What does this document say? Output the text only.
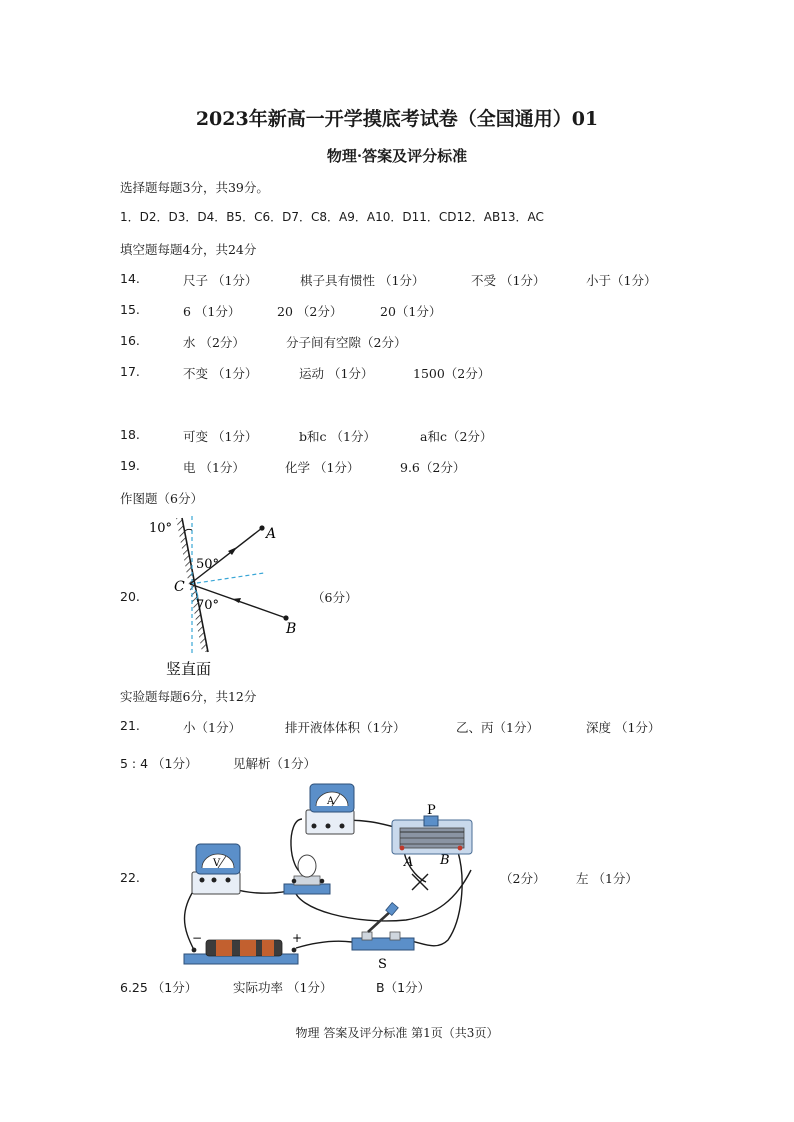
2023年新高一开学摸底考试卷（全国通用）01
物理·答案及评分标准
选择题每题3分，共39分。
1．D2．D3．D4．B5．C6．D7．C8．A9．A10．D11．CD12．AB13．AC
填空题每题4分，共24分
14.	尺子 （1分）	棋子具有惯性 （1分）	不受 （1分）	小于（1分）
15.	6 （1分）	20 （2分）	20（1分）
16.	水 （2分）	分子间有空隙（2分）
17.	不变 （1分）	运动 （1分）	1500（2分）
18.	可变 （1分）	b和c （1分）	a和c（2分）
19.	电 （1分）	化学 （1分）	9.6（2分）
作图题（6分）
20.	（6分）
10°
50°
70°
A
B
C
竖直面
实验题每题6分，共12分
21.	小（1分）	排开液体体积（1分）	乙、丙（1分）	深度 （1分）
5 : 4 （1分）	见解析（1分）
22.	（2分） 左 （1分）
A
V
P
A B
−	+
S
6.25 （1分）	实际功率 （1分）	B（1分）
物理 答案及评分标准 第1页（共3页）
